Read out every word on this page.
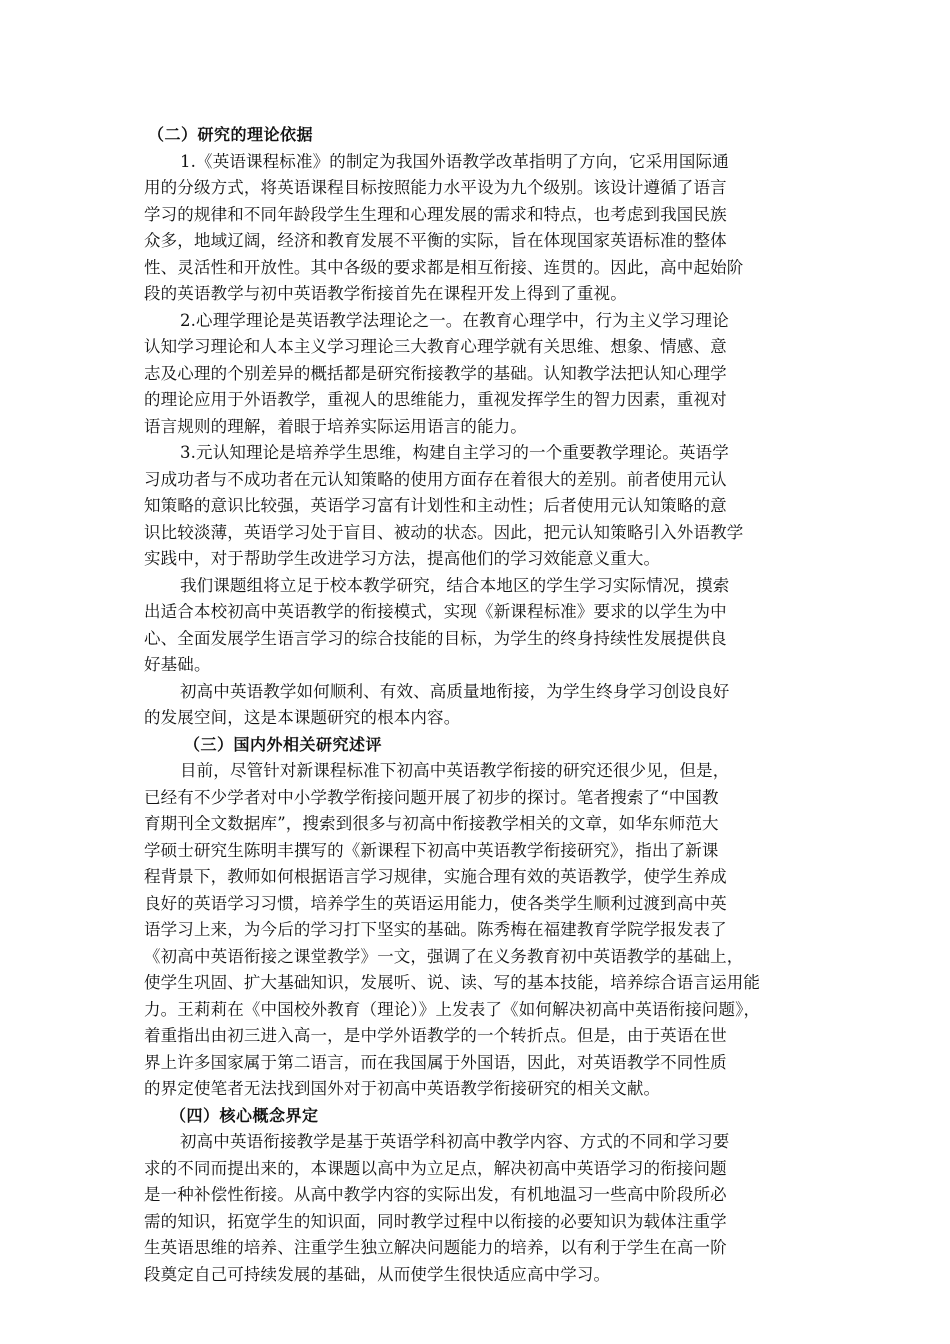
（二）研究的理论依据
1.《英语课程标准》的制定为我国外语教学改革指明了方向，它采用国际通
用的分级方式，将英语课程目标按照能力水平设为九个级别。该设计遵循了语言
学习的规律和不同年龄段学生生理和心理发展的需求和特点，也考虑到我国民族
众多，地域辽阔，经济和教育发展不平衡的实际，旨在体现国家英语标准的整体
性、灵活性和开放性。其中各级的要求都是相互衔接、连贯的。因此，高中起始阶
段的英语教学与初中英语教学衔接首先在课程开发上得到了重视。
2.心理学理论是英语教学法理论之一。在教育心理学中，行为主义学习理论
认知学习理论和人本主义学习理论三大教育心理学就有关思维、想象、情感、意
志及心理的个别差异的概括都是研究衔接教学的基础。认知教学法把认知心理学
的理论应用于外语教学，重视人的思维能力，重视发挥学生的智力因素，重视对
语言规则的理解，着眼于培养实际运用语言的能力。
3.元认知理论是培养学生思维，构建自主学习的一个重要教学理论。英语学
习成功者与不成功者在元认知策略的使用方面存在着很大的差别。前者使用元认
知策略的意识比较强，英语学习富有计划性和主动性；后者使用元认知策略的意
识比较淡薄，英语学习处于盲目、被动的状态。因此，把元认知策略引入外语教学
实践中，对于帮助学生改进学习方法，提高他们的学习效能意义重大。
我们课题组将立足于校本教学研究，结合本地区的学生学习实际情况，摸索
出适合本校初高中英语教学的衔接模式，实现《新课程标准》要求的以学生为中
心、全面发展学生语言学习的综合技能的目标，为学生的终身持续性发展提供良
好基础。
初高中英语教学如何顺利、有效、高质量地衔接，为学生终身学习创设良好
的发展空间，这是本课题研究的根本内容。
（三）国内外相关研究述评
目前，尽管针对新课程标准下初高中英语教学衔接的研究还很少见，但是，
已经有不少学者对中小学教学衔接问题开展了初步的探讨。笔者搜索了“中国教
育期刊全文数据库”，搜索到很多与初高中衔接教学相关的文章，如华东师范大
学硕士研究生陈明丰撰写的《新课程下初高中英语教学衔接研究》，指出了新课
程背景下，教师如何根据语言学习规律，实施合理有效的英语教学，使学生养成
良好的英语学习习惯，培养学生的英语运用能力，使各类学生顺利过渡到高中英
语学习上来，为今后的学习打下坚实的基础。陈秀梅在福建教育学院学报发表了
《初高中英语衔接之课堂教学》一文，强调了在义务教育初中英语教学的基础上，
使学生巩固、扩大基础知识，发展听、说、读、写的基本技能，培养综合语言运用能
力。王莉莉在《中国校外教育（理论）》上发表了《如何解决初高中英语衔接问题》，
着重指出由初三进入高一，是中学外语教学的一个转折点。但是，由于英语在世
界上许多国家属于第二语言，而在我国属于外国语，因此，对英语教学不同性质
的界定使笔者无法找到国外对于初高中英语教学衔接研究的相关文献。
（四）核心概念界定
初高中英语衔接教学是基于英语学科初高中教学内容、方式的不同和学习要
求的不同而提出来的，本课题以高中为立足点，解决初高中英语学习的衔接问题
是一种补偿性衔接。从高中教学内容的实际出发，有机地温习一些高中阶段所必
需的知识，拓宽学生的知识面，同时教学过程中以衔接的必要知识为载体注重学
生英语思维的培养、注重学生独立解决问题能力的培养，以有利于学生在高一阶
段奠定自己可持续发展的基础，从而使学生很快适应高中学习。
